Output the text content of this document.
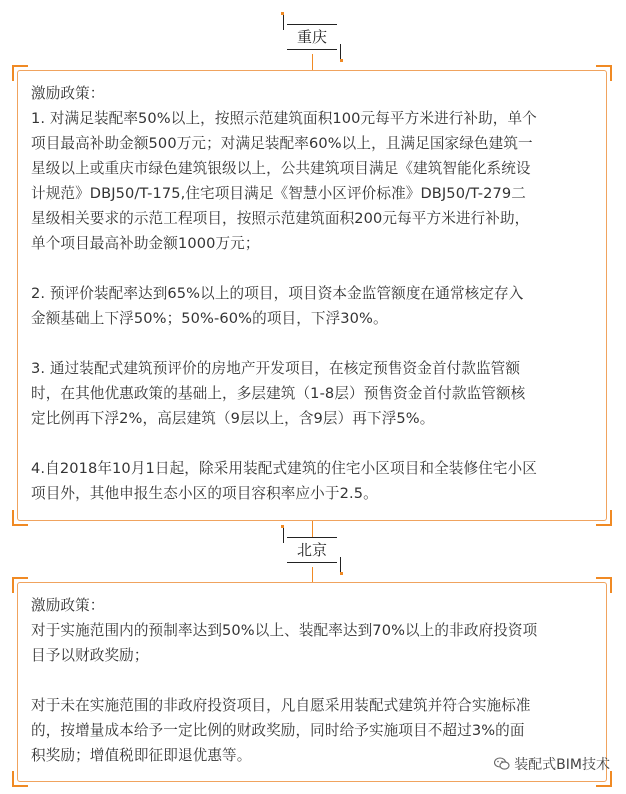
重庆

激励政策：

1. 对满足装配率50%以上，按照示范建筑面积100元每平方米进行补助，单个

项目最高补助金额500万元；对满足装配率60%以上，且满足国家绿色建筑一

星级以上或重庆市绿色建筑银级以上，公共建筑项目满足《建筑智能化系统设

计规范》DBJ50/T-175,住宅项目满足《智慧小区评价标准》DBJ50/T-279二

星级相关要求的示范工程项目，按照示范建筑面积200元每平方米进行补助，

单个项目最高补助金额1000万元；

2. 预评价装配率达到65%以上的项目，项目资本金监管额度在通常核定存入

金额基础上下浮50%；50%-60%的项目，下浮30%。

3. 通过装配式建筑预评价的房地产开发项目，在核定预售资金首付款监管额

时，在其他优惠政策的基础上，多层建筑（1-8层）预售资金首付款监管额核

定比例再下浮2%，高层建筑（9层以上，含9层）再下浮5%。

4.自2018年10月1日起，除采用装配式建筑的住宅小区项目和全装修住宅小区

项目外，其他申报生态小区的项目容积率应小于2.5。

北京

激励政策：

对于实施范围内的预制率达到50%以上、装配率达到70%以上的非政府投资项

目予以财政奖励；

对于未在实施范围的非政府投资项目，凡自愿采用装配式建筑并符合实施标准

的，按增量成本给予一定比例的财政奖励，同时给予实施项目不超过3%的面

积奖励；增值税即征即退优惠等。

装配式BIM技术
